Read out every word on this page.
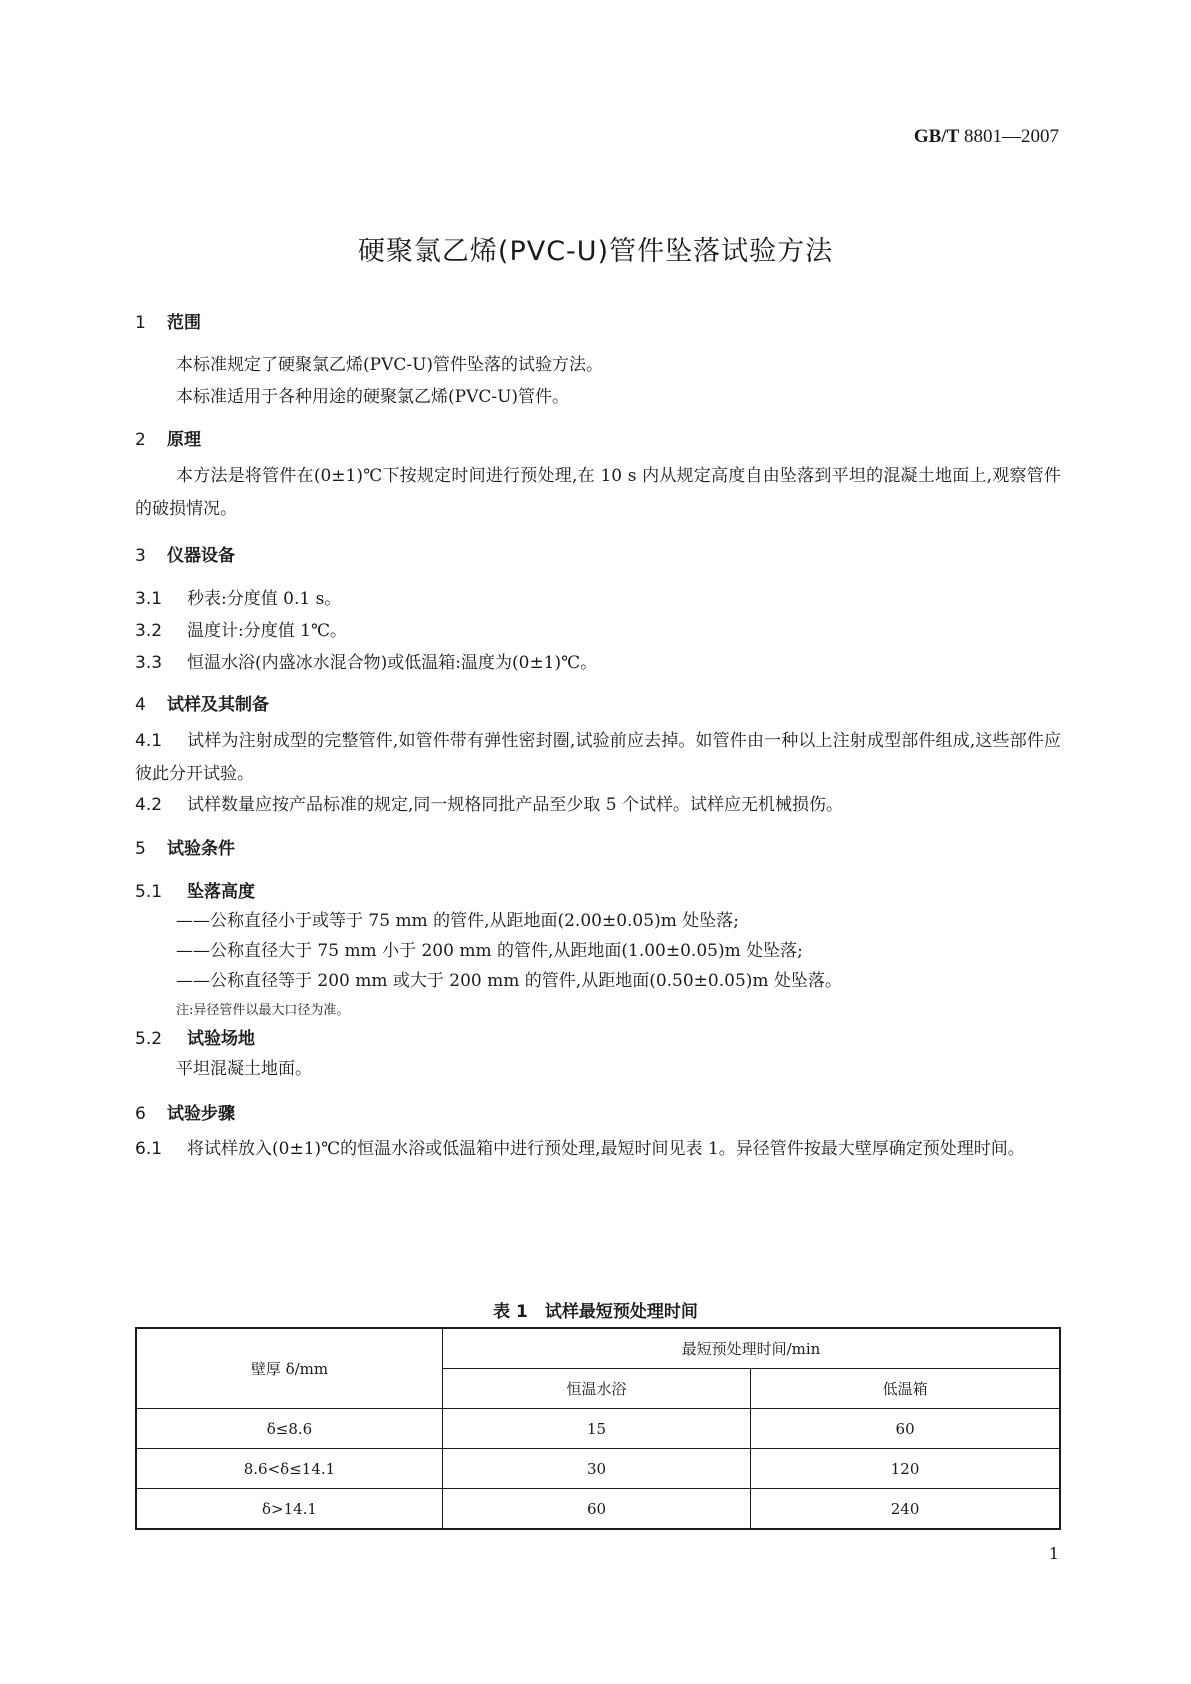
GB/T 8801—2007
硬聚氯乙烯(PVC-U)管件坠落试验方法
1 范围
本标准规定了硬聚氯乙烯(PVC-U)管件坠落的试验方法。
本标准适用于各种用途的硬聚氯乙烯(PVC-U)管件。
2 原理
本方法是将管件在(0±1)℃下按规定时间进行预处理,在 10 s 内从规定高度自由坠落到平坦的混凝土地面上,观察管件的破损情况。
3 仪器设备
3.1 秒表:分度值 0.1 s。
3.2 温度计:分度值 1℃。
3.3 恒温水浴(内盛冰水混合物)或低温箱:温度为(0±1)℃。
4 试样及其制备
4.1 试样为注射成型的完整管件,如管件带有弹性密封圈,试验前应去掉。如管件由一种以上注射成型部件组成,这些部件应彼此分开试验。
4.2 试样数量应按产品标准的规定,同一规格同批产品至少取 5 个试样。试样应无机械损伤。
5 试验条件
5.1 坠落高度
——公称直径小于或等于 75 mm 的管件,从距地面(2.00±0.05)m 处坠落;
——公称直径大于 75 mm 小于 200 mm 的管件,从距地面(1.00±0.05)m 处坠落;
——公称直径等于 200 mm 或大于 200 mm 的管件,从距地面(0.50±0.05)m 处坠落。
注:异径管件以最大口径为准。
5.2 试验场地
平坦混凝土地面。
6 试验步骤
6.1 将试样放入(0±1)℃的恒温水浴或低温箱中进行预处理,最短时间见表 1。异径管件按最大壁厚确定预处理时间。
表 1　试样最短预处理时间
壁厚 δ/mm	最短预处理时间/min	
	恒温水浴	低温箱
δ≤8.6	15	60
8.6<δ≤14.1	30	120
δ>14.1	60	240
1
